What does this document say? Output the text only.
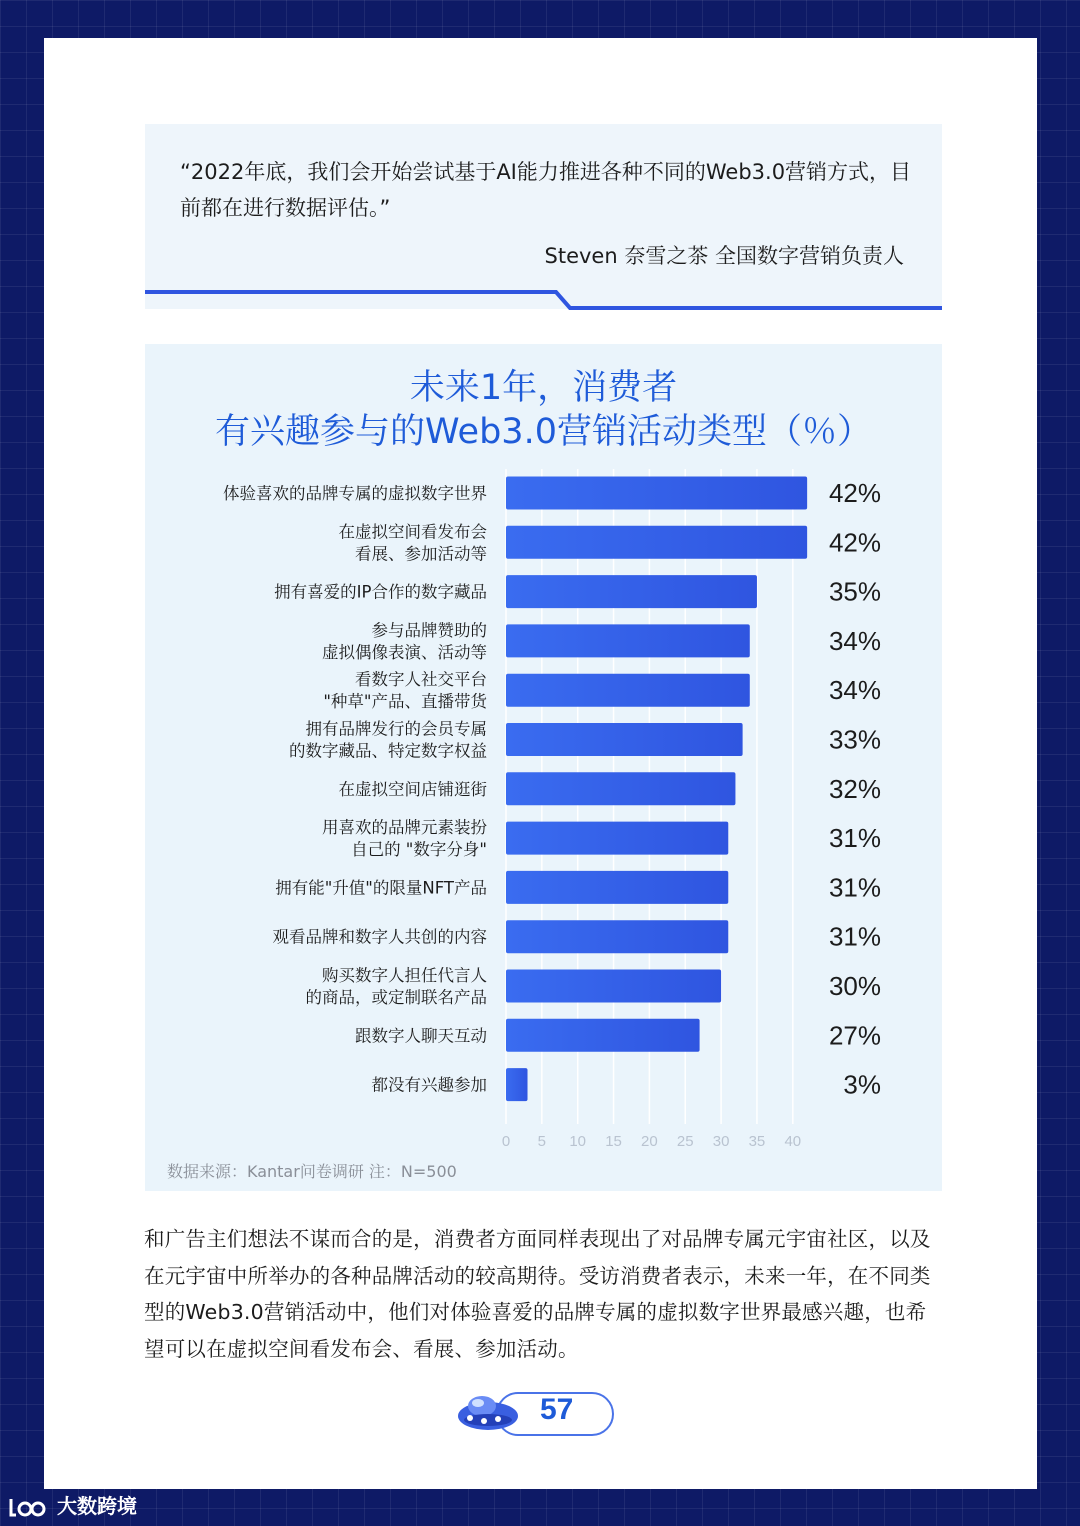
“2022年底，我们会开始尝试基于AI能力推进各种不同的Web3.0营销方式，目前都在进行数据评估。”
Steven 奈雪之茶 全国数字营销负责人
未来1年，消费者
有兴趣参与的Web3.0营销活动类型（％）
0 5 10 15 20 25 30 35 40
体验喜欢的品牌专属的虚拟数字世界	42%
在虚拟空间看发布会看展、参加活动等	42%
拥有喜爱的IP合作的数字藏品	35%
参与品牌赞助的虚拟偶像表演、活动等	34%
看数字人社交平台"种草"产品、直播带货	34%
拥有品牌发行的会员专属的数字藏品、特定数字权益	33%
在虚拟空间店铺逛街	32%
用喜欢的品牌元素装扮自己的 "数字分身"	31%
拥有能"升值"的限量NFT产品	31%
观看品牌和数字人共创的内容	31%
购买数字人担任代言人的商品，或定制联名产品	30%
跟数字人聊天互动	27%
都没有兴趣参加	3%
数据来源：Kantar问卷调研 注：N=500
和广告主们想法不谋而合的是，消费者方面同样表现出了对品牌专属元宇宙社区，以及在元宇宙中所举办的各种品牌活动的较高期待。受访消费者表示，未来一年，在不同类型的Web3.0营销活动中，他们对体验喜爱的品牌专属的虚拟数字世界最感兴趣，也希望可以在虚拟空间看发布会、看展、参加活动。
57
大数跨境
